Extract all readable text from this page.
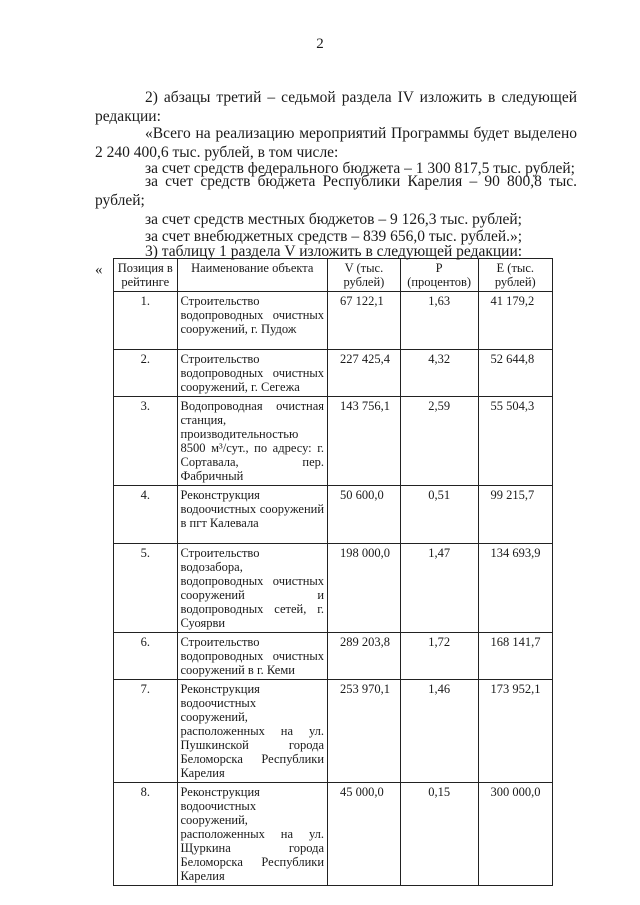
2
2) абзацы третий – седьмой раздела IV изложить в следующей редакции:
«Всего на реализацию мероприятий Программы будет выделено 2 240 400,6 тыс. рублей, в том числе:
за счет средств федерального бюджета – 1 300 817,5 тыс. рублей;
за счет средств бюджета Республики Карелия – 90 800,8 тыс. рублей;
за счет средств местных бюджетов – 9 126,3 тыс. рублей;
за счет внебюджетных средств – 839 656,0 тыс. рублей.»;
3) таблицу 1 раздела V изложить в следующей редакции:
« Позиция в рейтинге	Наименование объекта	V (тыс. рублей)	P (процентов)	E (тыс. рублей)
1.	Строительство водопроводных очистных сооружений, г. Пудож	67 122,1	1,63	41 179,2
2.	Строительство водопроводных очистных сооружений, г. Сегежа	227 425,4	4,32	52 644,8
3.	Водопроводная очистная станция, производительностью 8500 м³/сут., по адресу: г. Сортавала, пер. Фабричный	143 756,1	2,59	55 504,3
4.	Реконструкция водоочистных сооружений в пгт Калевала	50 600,0	0,51	99 215,7
5.	Строительство водозабора, водопроводных очистных сооружений и водопроводных сетей, г. Суоярви	198 000,0	1,47	134 693,9
6.	Строительство водопроводных очистных сооружений в г. Кеми	289 203,8	1,72	168 141,7
7.	Реконструкция водоочистных сооружений, расположенных на ул. Пушкинской города Беломорска Республики Карелия	253 970,1	1,46	173 952,1
8.	Реконструкция водоочистных сооружений, расположенных на ул. Щуркина города Беломорска Республики Карелия	45 000,0	0,15	300 000,0
